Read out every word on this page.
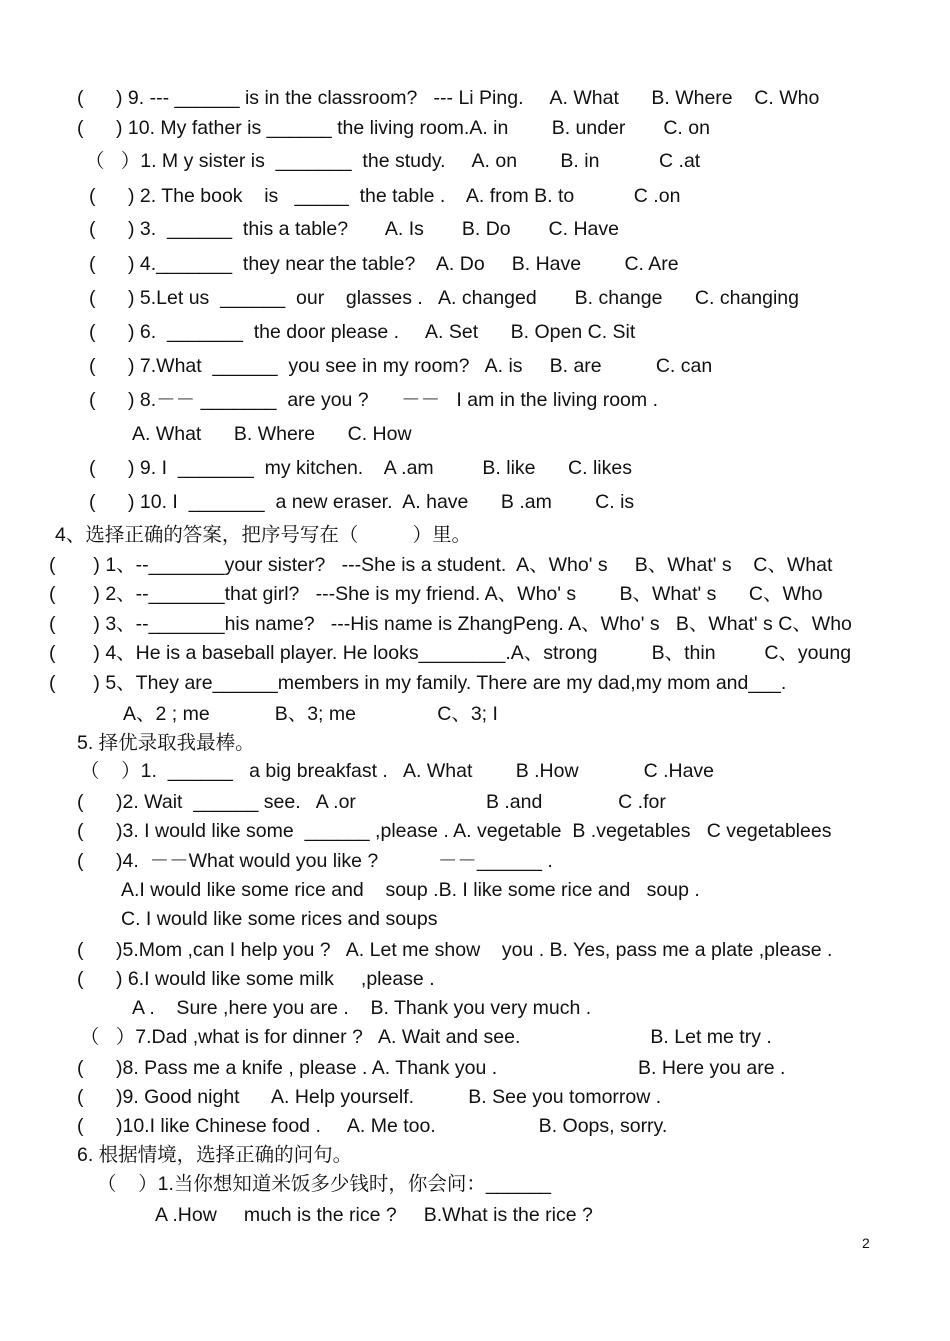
(      ) 9. --- ______ is in the classroom?   --- Li Ping.     A. What      B. Where    C. Who
(      ) 10. My father is ______ the living room.A. in        B. under       C. on
（   ）1. M y sister is  _______  the study.     A. on        B. in           C .at
(      ) 2. The book    is   _____  the table .    A. from B. to           C .on
(      ) 3.  ______  this a table?       A. Is       B. Do       C. Have
(      ) 4._______  they near the table?    A. Do     B. Have        C. Are
(      ) 5.Let us  ______  our    glasses .   A. changed       B. change      C. changing
(      ) 6.  _______  the door please .     A. Set      B. Open C. Sit
(      ) 7.What  ______  you see in my room?   A. is     B. are          C. can
(      ) 8.－－ _______  are you ?      －－   I am in the living room .
A. What      B. Where      C. How
(      ) 9. I  _______  my kitchen.    A .am         B. like      C. likes
(      ) 10. I  _______  a new eraser.  A. have      B .am        C. is
4、选择正确的答案，把序号写在（          ）里。
(       ) 1、--_______your sister?   ---She is a student.  A、Who' s     B、What' s    C、What
(       ) 2、--_______that girl?   ---She is my friend. A、Who' s        B、What' s      C、Who
(       ) 3、--_______his name?   ---His name is ZhangPeng. A、Who' s   B、What' s C、Who
(       ) 4、He is a baseball player. He looks________.A、strong          B、thin         C、young
(       ) 5、They are______members in my family. There are my dad,my mom and___.
A、2 ; me            B、3; me               C、3; I
5. 择优录取我最棒。
（    ）1.  ______   a big breakfast .   A. What        B .How            C .Have
(      )2. Wait  ______ see.   A .or                        B .and              C .for
(      )3. I would like some  ______ ,please . A. vegetable  B .vegetables   C vegetablees
(      )4.  －－What would you like ?           －－______ .
A.I would like some rice and    soup .B. I like some rice and   soup .
C. I would like some rices and soups
(      )5.Mom ,can I help you ?   A. Let me show    you . B. Yes, pass me a plate ,please .
(      ) 6.I would like some milk     ,please .
A .    Sure ,here you are .    B. Thank you very much .
（   ）7.Dad ,what is for dinner ?   A. Wait and see.                        B. Let me try .
(      )8. Pass me a knife , please . A. Thank you .                          B. Here you are .
(      )9. Good night      A. Help yourself.          B. See you tomorrow .
(      )10.I like Chinese food .     A. Me too.                   B. Oops, sorry.
6. 根据情境，选择正确的问句。
（    ）1.当你想知道米饭多少钱时，你会问：______
A .How     much is the rice ?     B.What is the rice ?
2
